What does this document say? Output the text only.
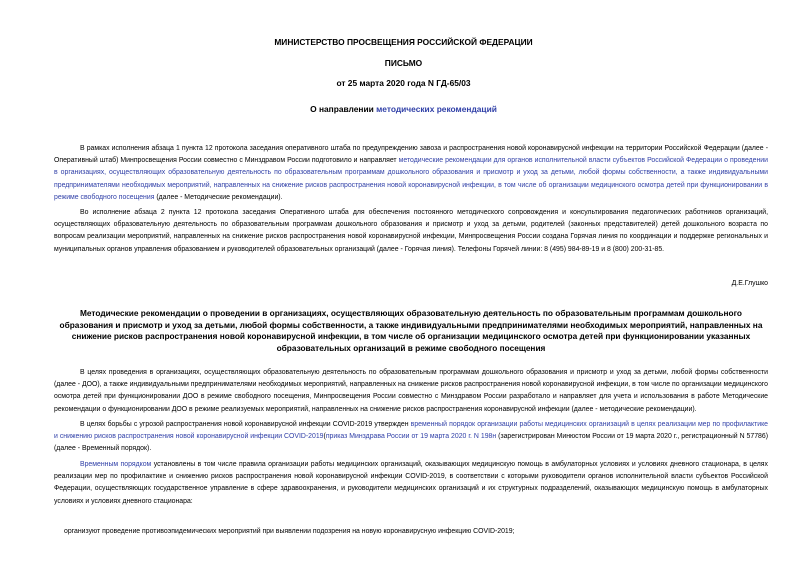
МИНИСТЕРСТВО ПРОСВЕЩЕНИЯ РОССИЙСКОЙ ФЕДЕРАЦИИ
ПИСЬМО
от 25 марта 2020 года N ГД-65/03
О направлении методических рекомендаций
В рамках исполнения абзаца 1 пункта 12 протокола заседания оперативного штаба по предупреждению завоза и распространения новой коронавирусной инфекции на территории Российской Федерации (далее - Оперативный штаб) Минпросвещения России совместно с Минздравом России подготовило и направляет методические рекомендации для органов исполнительной власти субъектов Российской Федерации о проведении в организациях, осуществляющих образовательную деятельность по образовательным программам дошкольного образования и присмотр и уход за детьми, любой формы собственности, а также индивидуальными предпринимателями необходимых мероприятий, направленных на снижение рисков распространения новой коронавирусной инфекции, в том числе об организации медицинского осмотра детей при функционировании в режиме свободного посещения (далее - Методические рекомендации).
Во исполнение абзаца 2 пункта 12 протокола заседания Оперативного штаба для обеспечения постоянного методического сопровождения и консультирования педагогических работников организаций, осуществляющих образовательную деятельность по образовательным программам дошкольного образования и присмотр и уход за детьми, родителей (законных представителей) детей дошкольного возраста по вопросам реализации мероприятий, направленных на снижение рисков распространения новой коронавирусной инфекции, Минпросвещения России создана Горячая линия по координации и поддержке региональных и муниципальных органов управления образованием и руководителей образовательных организаций (далее - Горячая линия). Телефоны Горячей линии: 8 (495) 984-89-19 и 8 (800) 200-31-85.
Д.Е.Глушко
Методические рекомендации о проведении в организациях, осуществляющих образовательную деятельность по образовательным программам дошкольного образования и присмотр и уход за детьми, любой формы собственности, а также индивидуальными предпринимателями необходимых мероприятий, направленных на снижение рисков распространения новой коронавирусной инфекции, в том числе об организации медицинского осмотра детей при функционировании указанных образовательных организаций в режиме свободного посещения
В целях проведения в организациях, осуществляющих образовательную деятельность по образовательным программам дошкольного образования и присмотр и уход за детьми, любой формы собственности (далее - ДОО), а также индивидуальными предпринимателями необходимых мероприятий, направленных на снижение рисков распространения новой коронавирусной инфекции, в том числе по организации медицинского осмотра детей при функционировании ДОО в режиме свободного посещения, Минпросвещения России совместно с Минздравом России разработало и направляет для учета и использования в работе Методические рекомендации о функционировании ДОО в режиме реализуемых мероприятий, направленных на снижение рисков распространения коронавирусной инфекции (далее - методические рекомендации).
В целях борьбы с угрозой распространения новой коронавирусной инфекции COVID-2019 утвержден временный порядок организации работы медицинских организаций в целях реализации мер по профилактике и снижению рисков распространения новой коронавирусной инфекции COVID-2019(приказ Минздрава России от 19 марта 2020 г. N 198н (зарегистрирован Минюстом России от 19 марта 2020 г., регистрационный N 57786) (далее - Временный порядок).
Временным порядком установлены в том числе правила организации работы медицинских организаций, оказывающих медицинскую помощь в амбулаторных условиях и условиях дневного стационара, в целях реализации мер по профилактике и снижению рисков распространения новой коронавирусной инфекции COVID-2019, в соответствии с которыми руководители органов исполнительной власти субъектов Российской Федерации, осуществляющих государственное управление в сфере здравоохранения, и руководители медицинских организаций и их структурных подразделений, оказывающих медицинскую помощь в амбулаторных условиях и условиях дневного стационара:
организуют проведение противоэпидемических мероприятий при выявлении подозрения на новую коронавирусную инфекцию COVID-2019;
